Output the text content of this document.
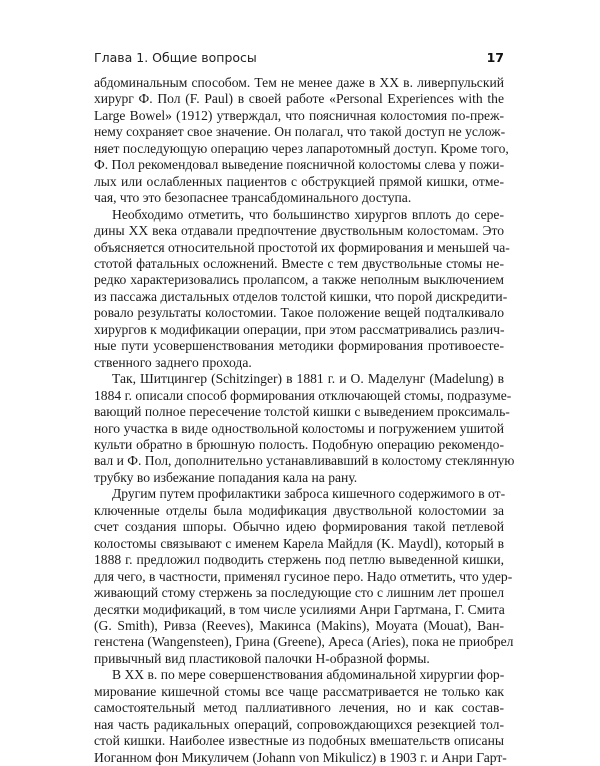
Глава 1. Общие вопросы	17
абдоминальным способом. Тем не менее даже в XX в. ливерпульский
хирург Ф. Пол (F. Paul) в своей работе «Personal Experiences with the
Large Bowel» (1912) утверждал, что поясничная колостомия по-преж-
нему сохраняет свое значение. Он полагал, что такой доступ не услож-
няет последующую операцию через лапаротомный доступ. Кроме того,
Ф. Пол рекомендовал выведение поясничной колостомы слева у пожи-
лых или ослабленных пациентов с обструкцией прямой кишки, отме-
чая, что это безопаснее трансабдоминального доступа.
Необходимо отметить, что большинство хирургов вплоть до сере-
дины XX века отдавали предпочтение двуствольным колостомам. Это
объясняется относительной простотой их формирования и меньшей ча-
стотой фатальных осложнений. Вместе с тем двуствольные стомы не-
редко характеризовались пролапсом, а также неполным выключением
из пассажа дистальных отделов толстой кишки, что порой дискредити-
ровало результаты колостомии. Такое положение вещей подталкивало
хирургов к модификации операции, при этом рассматривались различ-
ные пути усовершенствования методики формирования противоесте-
ственного заднего прохода.
Так, Шитцингер (Schitzinger) в 1881 г. и О. Маделунг (Madelung) в
1884 г. описали способ формирования отключающей стомы, подразуме-
вающий полное пересечение толстой кишки с выведением проксималь-
ного участка в виде одноствольной колостомы и погружением ушитой
культи обратно в брюшную полость. Подобную операцию рекомендо-
вал и Ф. Пол, дополнительно устанавливавший в колостому стеклянную
трубку во избежание попадания кала на рану.
Другим путем профилактики заброса кишечного содержимого в от-
ключенные отделы была модификация двуствольной колостомии за
счет создания шпоры. Обычно идею формирования такой петлевой
колостомы связывают с именем Карела Майдля (K. Maydl), который в
1888 г. предложил подводить стержень под петлю выведенной кишки,
для чего, в частности, применял гусиное перо. Надо отметить, что удер-
живающий стому стержень за последующие сто с лишним лет прошел
десятки модификаций, в том числе усилиями Анри Гартмана, Г. Смита
(G. Smith), Ривза (Reeves), Макинса (Makins), Моуата (Mouat), Ван-
генстена (Wangensteen), Грина (Greene), Ареса (Aries), пока не приобрел
привычный вид пластиковой палочки H-образной формы.
В XX в. по мере совершенствования абдоминальной хирургии фор-
мирование кишечной стомы все чаще рассматривается не только как
самостоятельный метод паллиативного лечения, но и как состав-
ная часть радикальных операций, сопровождающихся резекцией тол-
стой кишки. Наиболее известные из подобных вмешательств описаны
Иоганном фон Микуличем (Johann von Mikulicz) в 1903 г. и Анри Гарт-
